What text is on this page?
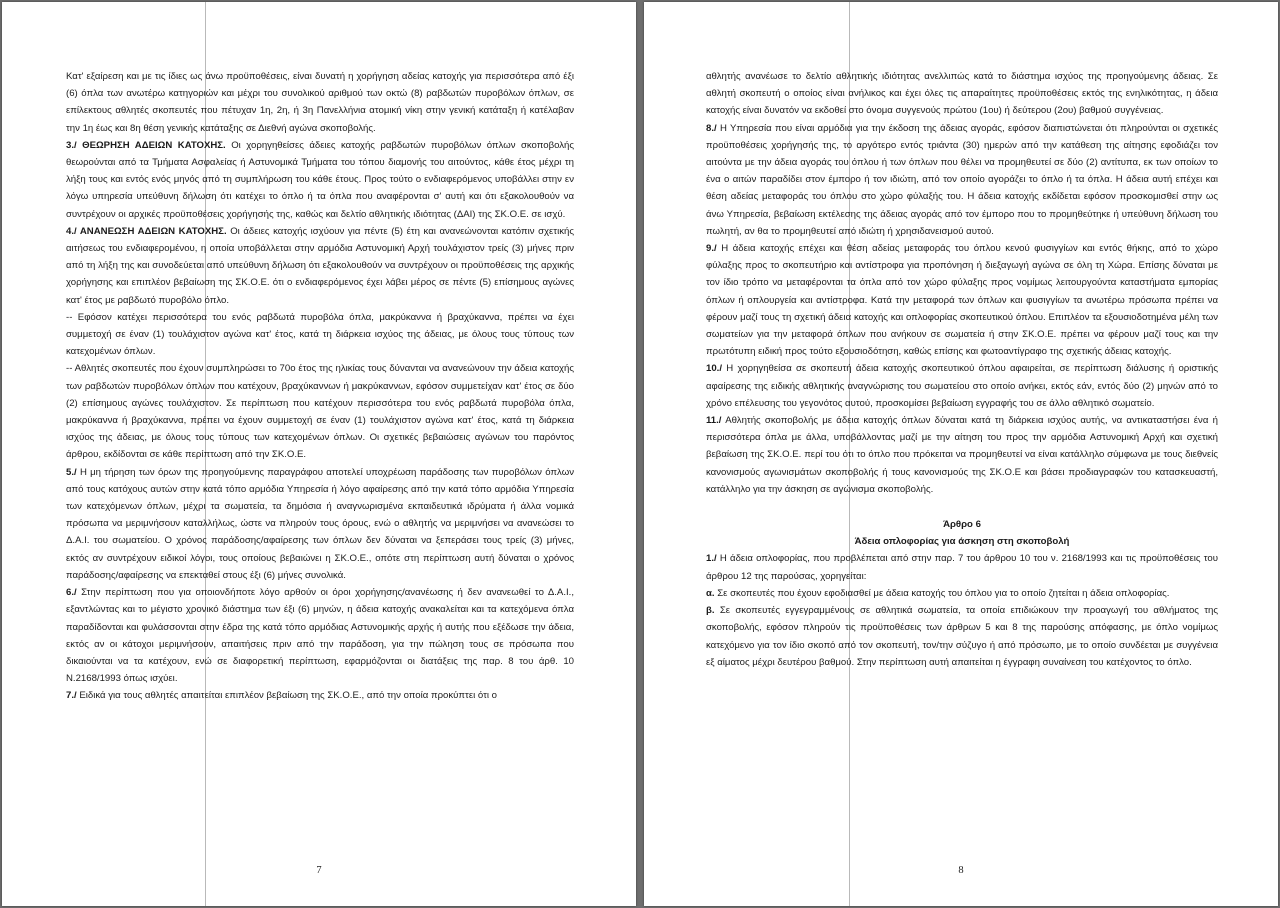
Κατ' εξαίρεση και με τις ίδιες ως άνω προϋποθέσεις, είναι δυνατή η χορήγηση αδείας κατοχής για περισσότερα από έξι (6) όπλα των ανωτέρω κατηγοριών και μέχρι του συνολικού αριθμού των οκτώ (8) ραβδωτών πυροβόλων όπλων, σε επίλεκτους αθλητές σκοπευτές που πέτυχαν 1η, 2η, ή 3η Πανελλήνια ατομική νίκη στην γενική κατάταξη ή κατέλαβαν την 1η έως και 8η θέση γενικής κατάταξης σε Διεθνή αγώνα σκοποβολής.

3./ ΘΕΩΡΗΣΗ ΑΔΕΙΩΝ ΚΑΤΟΧΗΣ. Οι χορηγηθείσες άδειες κατοχής ραβδωτών πυροβόλων όπλων σκοποβολής θεωρούνται από τα Τμήματα Ασφαλείας ή Αστυνομικά Τμήματα του τόπου διαμονής του αιτούντος, κάθε έτος μέχρι τη λήξη τους και εντός ενός μηνός από τη συμπλήρωση του κάθε έτους. Προς τούτο ο ενδιαφερόμενος υποβάλλει στην εν λόγω υπηρεσία υπεύθυνη δήλωση ότι κατέχει το όπλο ή τα όπλα που αναφέρονται σ' αυτή και ότι εξακολουθούν να συντρέχουν οι αρχικές προϋποθέσεις χορήγησής της, καθώς και δελτίο αθλητικής ιδιότητας (ΔΑΙ) της ΣΚ.Ο.Ε. σε ισχύ.

4./ ΑΝΑΝΕΩΣΗ ΑΔΕΙΩΝ ΚΑΤΟΧΗΣ. Οι άδειες κατοχής ισχύουν για πέντε (5) έτη και ανανεώνονται κατόπιν σχετικής αιτήσεως του ενδιαφερομένου, η οποία υποβάλλεται στην αρμόδια Αστυνομική Αρχή τουλάχιστον τρείς (3) μήνες πριν από τη λήξη της και συνοδεύεται από υπεύθυνη δήλωση ότι εξακολουθούν να συντρέχουν οι προϋποθέσεις της αρχικής χορήγησης και επιπλέον βεβαίωση της ΣΚ.Ο.Ε. ότι ο ενδιαφερόμενος έχει λάβει μέρος σε πέντε (5) επίσημους αγώνες κατ' έτος με ραβδωτό πυροβόλο όπλο.

-- Εφόσον κατέχει περισσότερα του ενός ραβδωτά πυροβόλα όπλα, μακρύκαννα ή βραχύκαννα, πρέπει να έχει συμμετοχή σε έναν (1) τουλάχιστον αγώνα κατ' έτος, κατά τη διάρκεια ισχύος της άδειας, με όλους τους τύπους των κατεχομένων όπλων.

-- Αθλητές σκοπευτές που έχουν συμπληρώσει το 70ο έτος της ηλικίας τους δύνανται να ανανεώνουν την άδεια κατοχής των ραβδωτών πυροβόλων όπλων που κατέχουν, βραχύκαννων ή μακρύκαννων, εφόσον συμμετείχαν κατ' έτος σε δύο (2) επίσημους αγώνες τουλάχιστον. Σε περίπτωση που κατέχουν περισσότερα του ενός ραβδωτά πυροβόλα όπλα, μακρύκαννα ή βραχύκαννα, πρέπει να έχουν συμμετοχή σε έναν (1) τουλάχιστον αγώνα κατ' έτος, κατά τη διάρκεια ισχύος της άδειας, με όλους τους τύπους των κατεχομένων όπλων. Οι σχετικές βεβαιώσεις αγώνων του παρόντος άρθρου, εκδίδονται σε κάθε περίπτωση από την ΣΚ.Ο.Ε.

5./ Η μη τήρηση των όρων της προηγούμενης παραγράφου αποτελεί υποχρέωση παράδοσης των πυροβόλων όπλων από τους κατόχους αυτών στην κατά τόπο αρμόδια Υπηρεσία ή λόγο αφαίρεσης από την κατά τόπο αρμόδια Υπηρεσία των κατεχόμενων όπλων, μέχρι τα σωματεία, τα δημόσια ή αναγνωρισμένα εκπαιδευτικά ιδρύματα ή άλλα νομικά πρόσωπα να μεριμνήσουν καταλλήλως, ώστε να πληρούν τους όρους, ενώ ο αθλητής να μεριμνήσει να ανανεώσει το Δ.Α.Ι. του σωματείου. Ο χρόνος παράδοσης/αφαίρεσης των όπλων δεν δύναται να ξεπεράσει τους τρείς (3) μήνες, εκτός αν συντρέχουν ειδικοί λόγοι, τους οποίους βεβαιώνει η ΣΚ.Ο.Ε., οπότε στη περίπτωση αυτή δύναται ο χρόνος παράδοσης/αφαίρεσης να επεκταθεί στους έξι (6) μήνες συνολικά.

6./ Στην περίπτωση που για οποιονδήποτε λόγο αρθούν οι όροι χορήγησης/ανανέωσης ή δεν ανανεωθεί το Δ.Α.Ι., εξαντλώντας και το μέγιστο χρονικό διάστημα των έξι (6) μηνών, η άδεια κατοχής ανακαλείται και τα κατεχόμενα όπλα παραδίδονται και φυλάσσονται στην έδρα της κατά τόπο αρμόδιας Αστυνομικής αρχής ή αυτής που εξέδωσε την άδεια, εκτός αν οι κάτοχοι μεριμνήσουν, απαιτήσεις πριν από την παράδοση, για την πώληση τους σε πρόσωπα που δικαιούνται να τα κατέχουν, ενώ σε διαφορετική περίπτωση, εφαρμόζονται οι διατάξεις της παρ. 8 του άρθ. 10 Ν.2168/1993 όπως ισχύει.

7./ Ειδικά για τους αθλητές απαιτείται επιπλέον βεβαίωση της ΣΚ.Ο.Ε., από την οποία προκύπτει ότι ο

7

αθλητής ανανέωσε το δελτίο αθλητικής ιδιότητας ανελλιπώς κατά το διάστημα ισχύος της προηγούμενης άδειας. Σε αθλητή σκοπευτή ο οποίος είναι ανήλικος και έχει όλες τις απαραίτητες προϋποθέσεις εκτός της ενηλικότητας, η άδεια κατοχής είναι δυνατόν να εκδοθεί στο όνομα συγγενούς πρώτου (1ου) ή δεύτερου (2ου) βαθμού συγγένειας.

8./ Η Υπηρεσία που είναι αρμόδια για την έκδοση της άδειας αγοράς, εφόσον διαπιστώνεται ότι πληρούνται οι σχετικές προϋποθέσεις χορήγησής της, το αργότερο εντός τριάντα (30) ημερών από την κατάθεση της αίτησης εφοδιάζει τον αιτούντα με την άδεια αγοράς του όπλου ή των όπλων που θέλει να προμηθευτεί σε δύο (2) αντίτυπα, εκ των οποίων το ένα ο αιτών παραδίδει στον έμπορο ή τον ιδιώτη, από τον οποίο αγοράζει το όπλο ή τα όπλα. Η άδεια αυτή επέχει και θέση αδείας μεταφοράς του όπλου στο χώρο φύλαξής του. Η άδεια κατοχής εκδίδεται εφόσον προσκομισθεί στην ως άνω Υπηρεσία, βεβαίωση εκτέλεσης της άδειας αγοράς από τον έμπορο που το προμηθεύτηκε ή υπεύθυνη δήλωση του πωλητή, αν θα το προμηθευτεί από ιδιώτη ή χρησιδανεισμού αυτού.

9./ Η άδεια κατοχής επέχει και θέση αδείας μεταφοράς του όπλου κενού φυσιγγίων και εντός θήκης, από το χώρο φύλαξης προς το σκοπευτήριο και αντίστροφα για προπόνηση ή διεξαγωγή αγώνα σε όλη τη Χώρα. Επίσης δύναται με τον ίδιο τρόπο να μεταφέρονται τα όπλα από τον χώρο φύλαξης προς νομίμως λειτουργούντα καταστήματα εμπορίας όπλων ή οπλουργεία και αντίστροφα. Κατά την μεταφορά των όπλων και φυσιγγίων τα ανωτέρω πρόσωπα πρέπει να φέρουν μαζί τους τη σχετική άδεια κατοχής και οπλοφορίας σκοπευτικού όπλου. Επιπλέον τα εξουσιοδοτημένα μέλη των σωματείων για την μεταφορά όπλων που ανήκουν σε σωματεία ή στην ΣΚ.Ο.Ε. πρέπει να φέρουν μαζί τους και την πρωτότυπη ειδική προς τούτο εξουσιοδότηση, καθώς επίσης και φωτοαντίγραφο της σχετικής άδειας κατοχής.

10./ Η χορηγηθείσα σε σκοπευτή άδεια κατοχής σκοπευτικού όπλου αφαιρείται, σε περίπτωση διάλυσης ή οριστικής αφαίρεσης της ειδικής αθλητικής αναγνώρισης του σωματείου στο οποίο ανήκει, εκτός εάν, εντός δύο (2) μηνών από το χρόνο επέλευσης του γεγονότος αυτού, προσκομίσει βεβαίωση εγγραφής του σε άλλο αθλητικό σωματείο.

11./ Αθλητής σκοποβολής με άδεια κατοχής όπλων δύναται κατά τη διάρκεια ισχύος αυτής, να αντικαταστήσει ένα ή περισσότερα όπλα με άλλα, υποβάλλοντας μαζί με την αίτηση του προς την αρμόδια Αστυνομική Αρχή και σχετική βεβαίωση της ΣΚ.Ο.Ε. περί του ότι το όπλο που πρόκειται να προμηθευτεί να είναι κατάλληλο σύμφωνα με τους διεθνείς κανονισμούς αγωνισμάτων σκοποβολής ή τους κανονισμούς της ΣΚ.Ο.Ε και βάσει προδιαγραφών του κατασκευαστή, κατάλληλο για την άσκηση σε αγώνισμα σκοποβολής.

Άρθρο 6

Άδεια οπλοφορίας για άσκηση στη σκοποβολή

1./ Η άδεια οπλοφορίας, που προβλέπεται από στην παρ. 7 του άρθρου 10 του ν. 2168/1993 και τις προϋποθέσεις του άρθρου 12 της παρούσας, χορηγείται:

α. Σε σκοπευτές που έχουν εφοδιασθεί με άδεια κατοχής του όπλου για το οποίο ζητείται η άδεια οπλοφορίας.

β. Σε σκοπευτές εγγεγραμμένους σε αθλητικά σωματεία, τα οποία επιδιώκουν την προαγωγή του αθλήματος της σκοποβολής, εφόσον πληρούν τις προϋποθέσεις των άρθρων 5 και 8 της παρούσης απόφασης, με όπλο νομίμως κατεχόμενο για τον ίδιο σκοπό από τον σκοπευτή, τον/την σύζυγο ή από πρόσωπο, με το οποίο συνδέεται με συγγένεια εξ αίματος μέχρι δευτέρου βαθμού. Στην περίπτωση αυτή απαιτείται η έγγραφη συναίνεση του κατέχοντος το όπλο.

8
